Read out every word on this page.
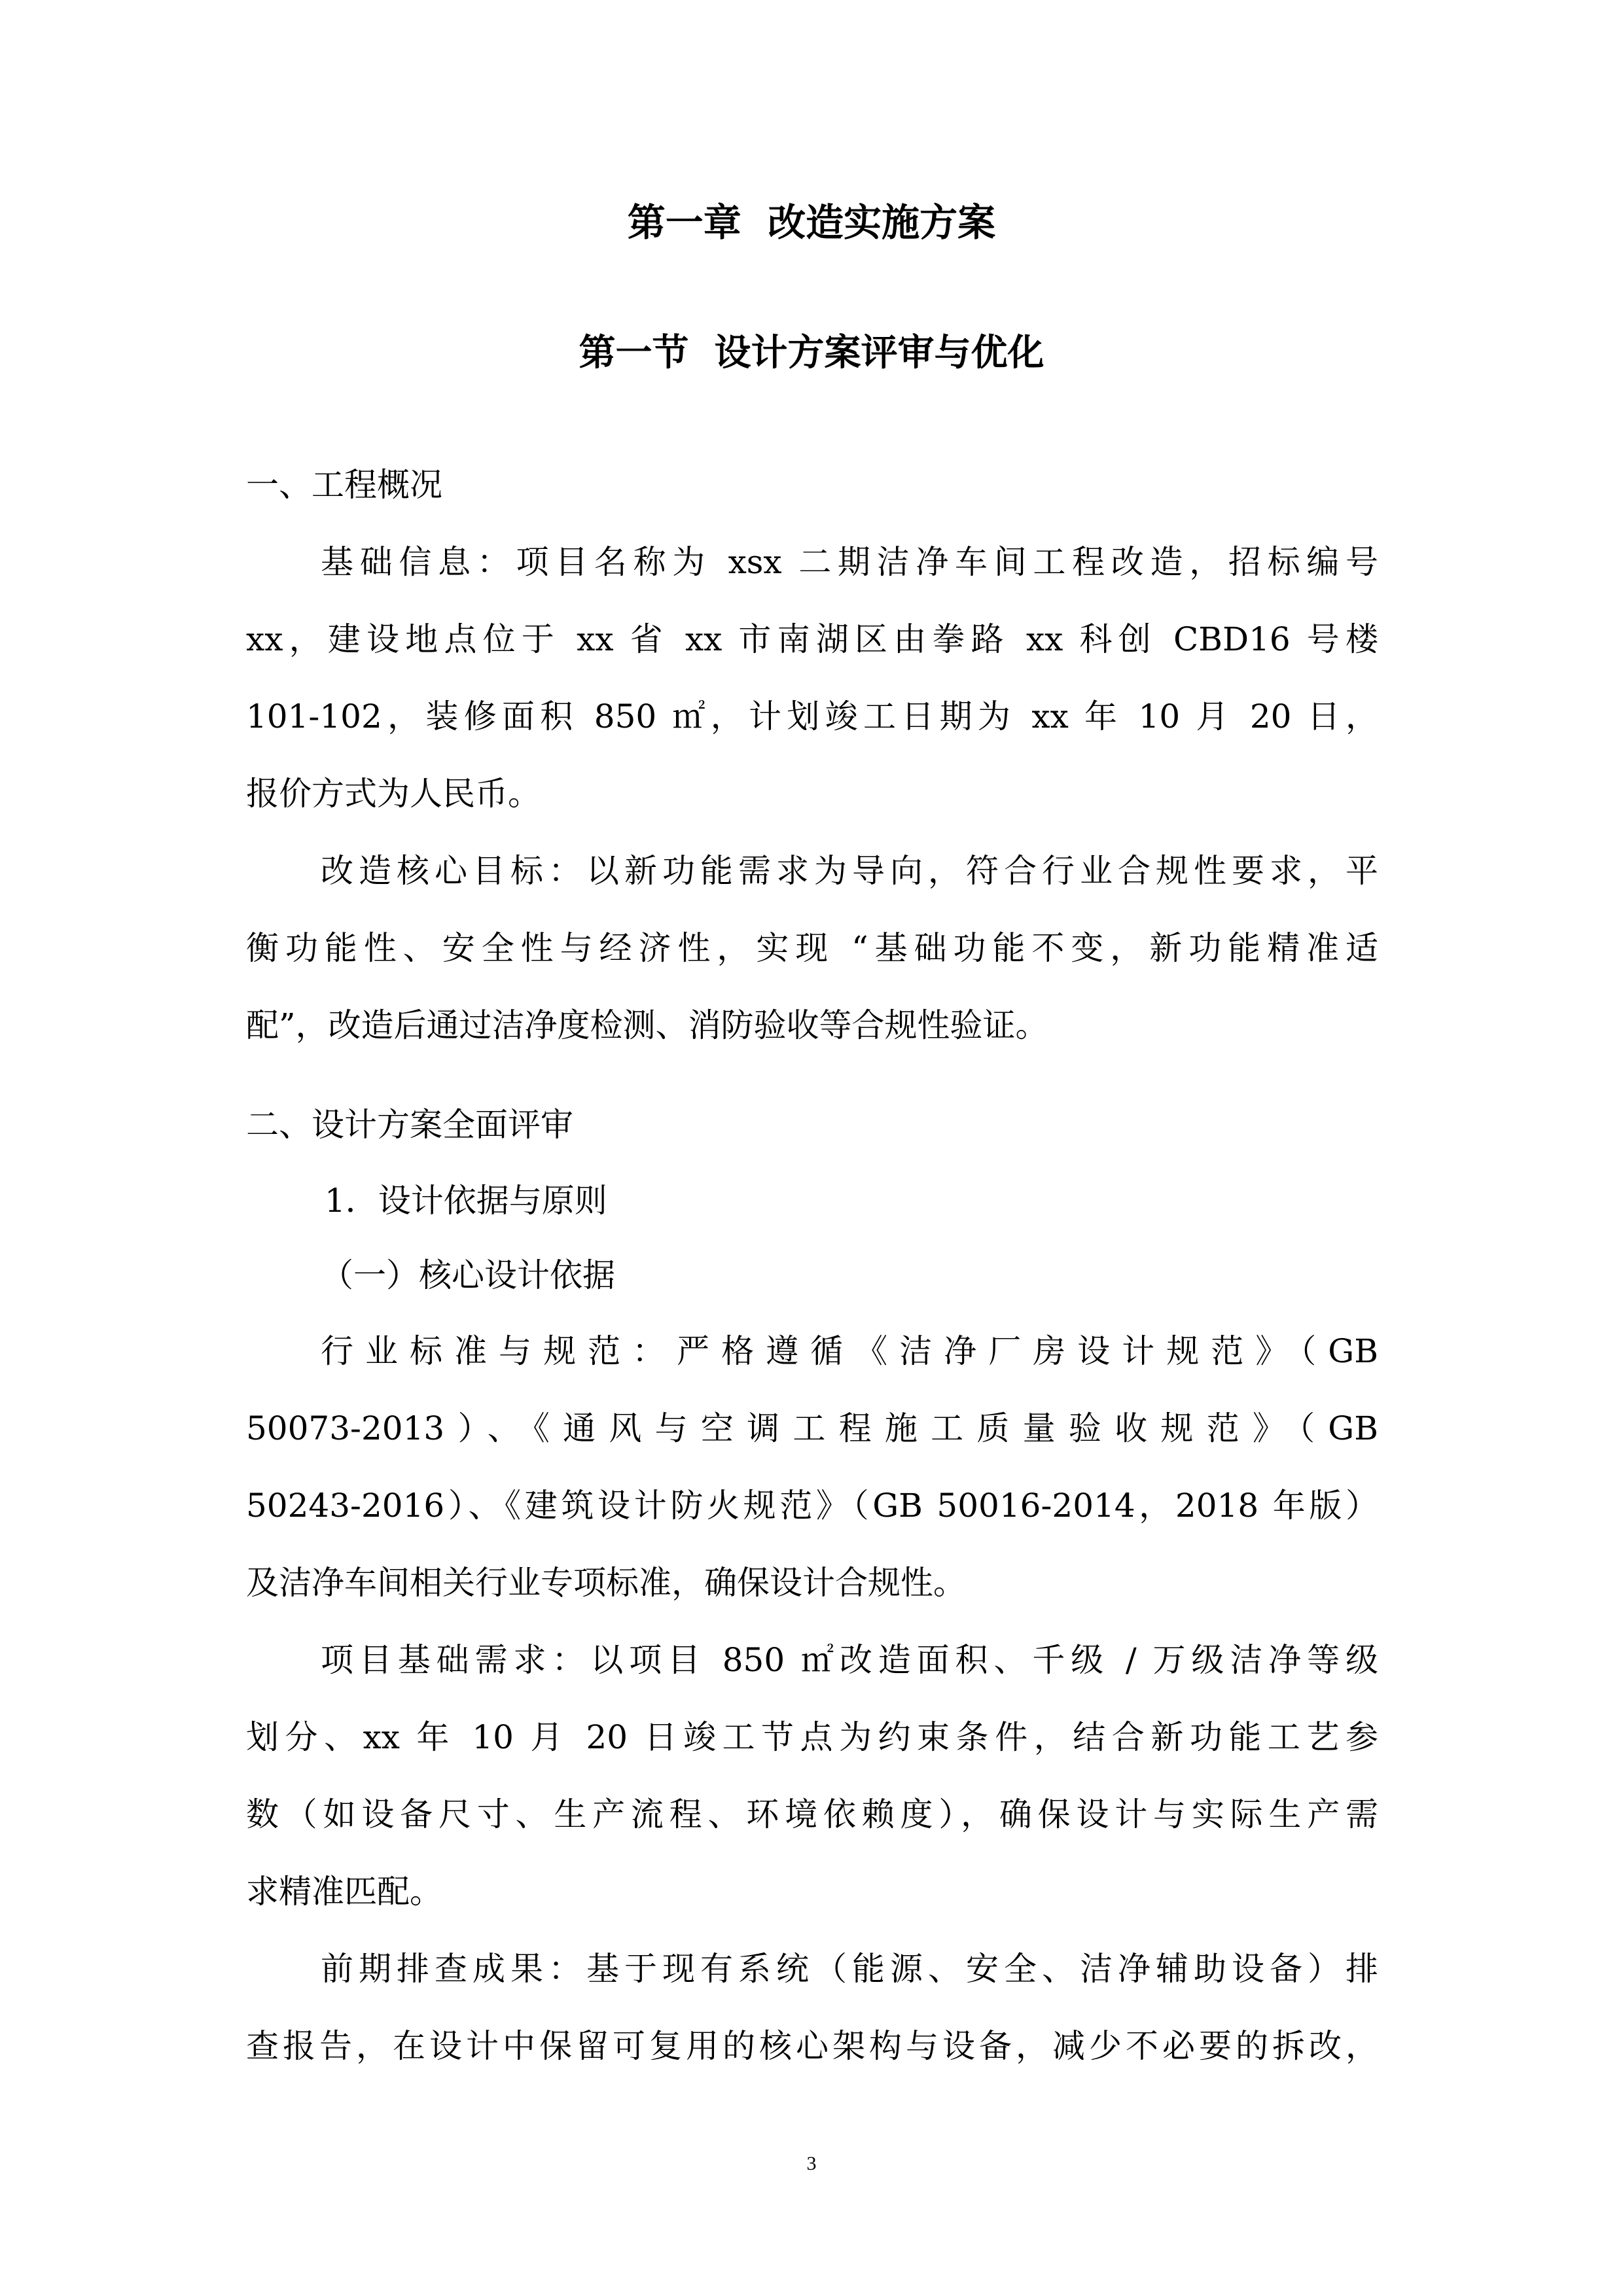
第一章  改造实施方案
第一节  设计方案评审与优化

一、工程概况

基础信息：项目名称为 xsx 二期洁净车间工程改造，招标编号

xx，建设地点位于 xx 省 xx 市南湖区由拳路 xx 科创 CBD16 号楼

101-102，装修面积 850 ㎡，计划竣工日期为 xx 年 10 月 20 日，

报价方式为人民币。

改造核心目标：以新功能需求为导向，符合行业合规性要求，平

衡功能性、安全性与经济性，实现 “基础功能不变，新功能精准适

配”，改造后通过洁净度检测、消防验收等合规性验证。

二、设计方案全面评审

1．设计依据与原则

（一）核心设计依据

行业标准与规范：严格遵循《洁净厂房设计规范》（GB

50073-2013）、《通风与空调工程施工质量验收规范》（GB

50243-2016）、《建筑设计防火规范》（GB 50016-2014，2018 年版）

及洁净车间相关行业专项标准，确保设计合规性。

项目基础需求：以项目 850 ㎡改造面积、千级 / 万级洁净等级

划分、xx 年 10 月 20 日竣工节点为约束条件，结合新功能工艺参

数（如设备尺寸、生产流程、环境依赖度），确保设计与实际生产需

求精准匹配。

前期排查成果：基于现有系统（能源、安全、洁净辅助设备）排

查报告，在设计中保留可复用的核心架构与设备，减少不必要的拆改，

3
